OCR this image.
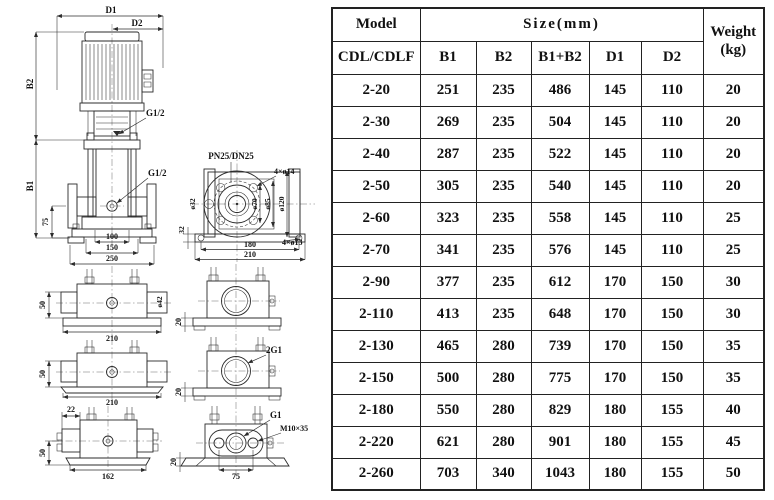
D1
D2
G1/2
G1/2
B2
B1
75
100
150
250
PN25/DN25
4×ø14
ø32	ø70 ø85 ø120
32
180
210
4×ø13
50
210
ø42
50
210
22
50
162
20
2G1
20
G1
M10×35
20
75
Model	Size(mm)					Weight
(kg)

CDL/CDLF	B1	B2	B1+B2	D1	D2	
2-20	251	235	486	145	110	20
2-30	269	235	504	145	110	20
2-40	287	235	522	145	110	20
2-50	305	235	540	145	110	20
2-60	323	235	558	145	110	25
2-70	341	235	576	145	110	25
2-90	377	235	612	170	150	30
2-110	413	235	648	170	150	30
2-130	465	280	739	170	150	35
2-150	500	280	775	170	150	35
2-180	550	280	829	180	155	40
2-220	621	280	901	180	155	45
2-260	703	340	1043	180	155	50
